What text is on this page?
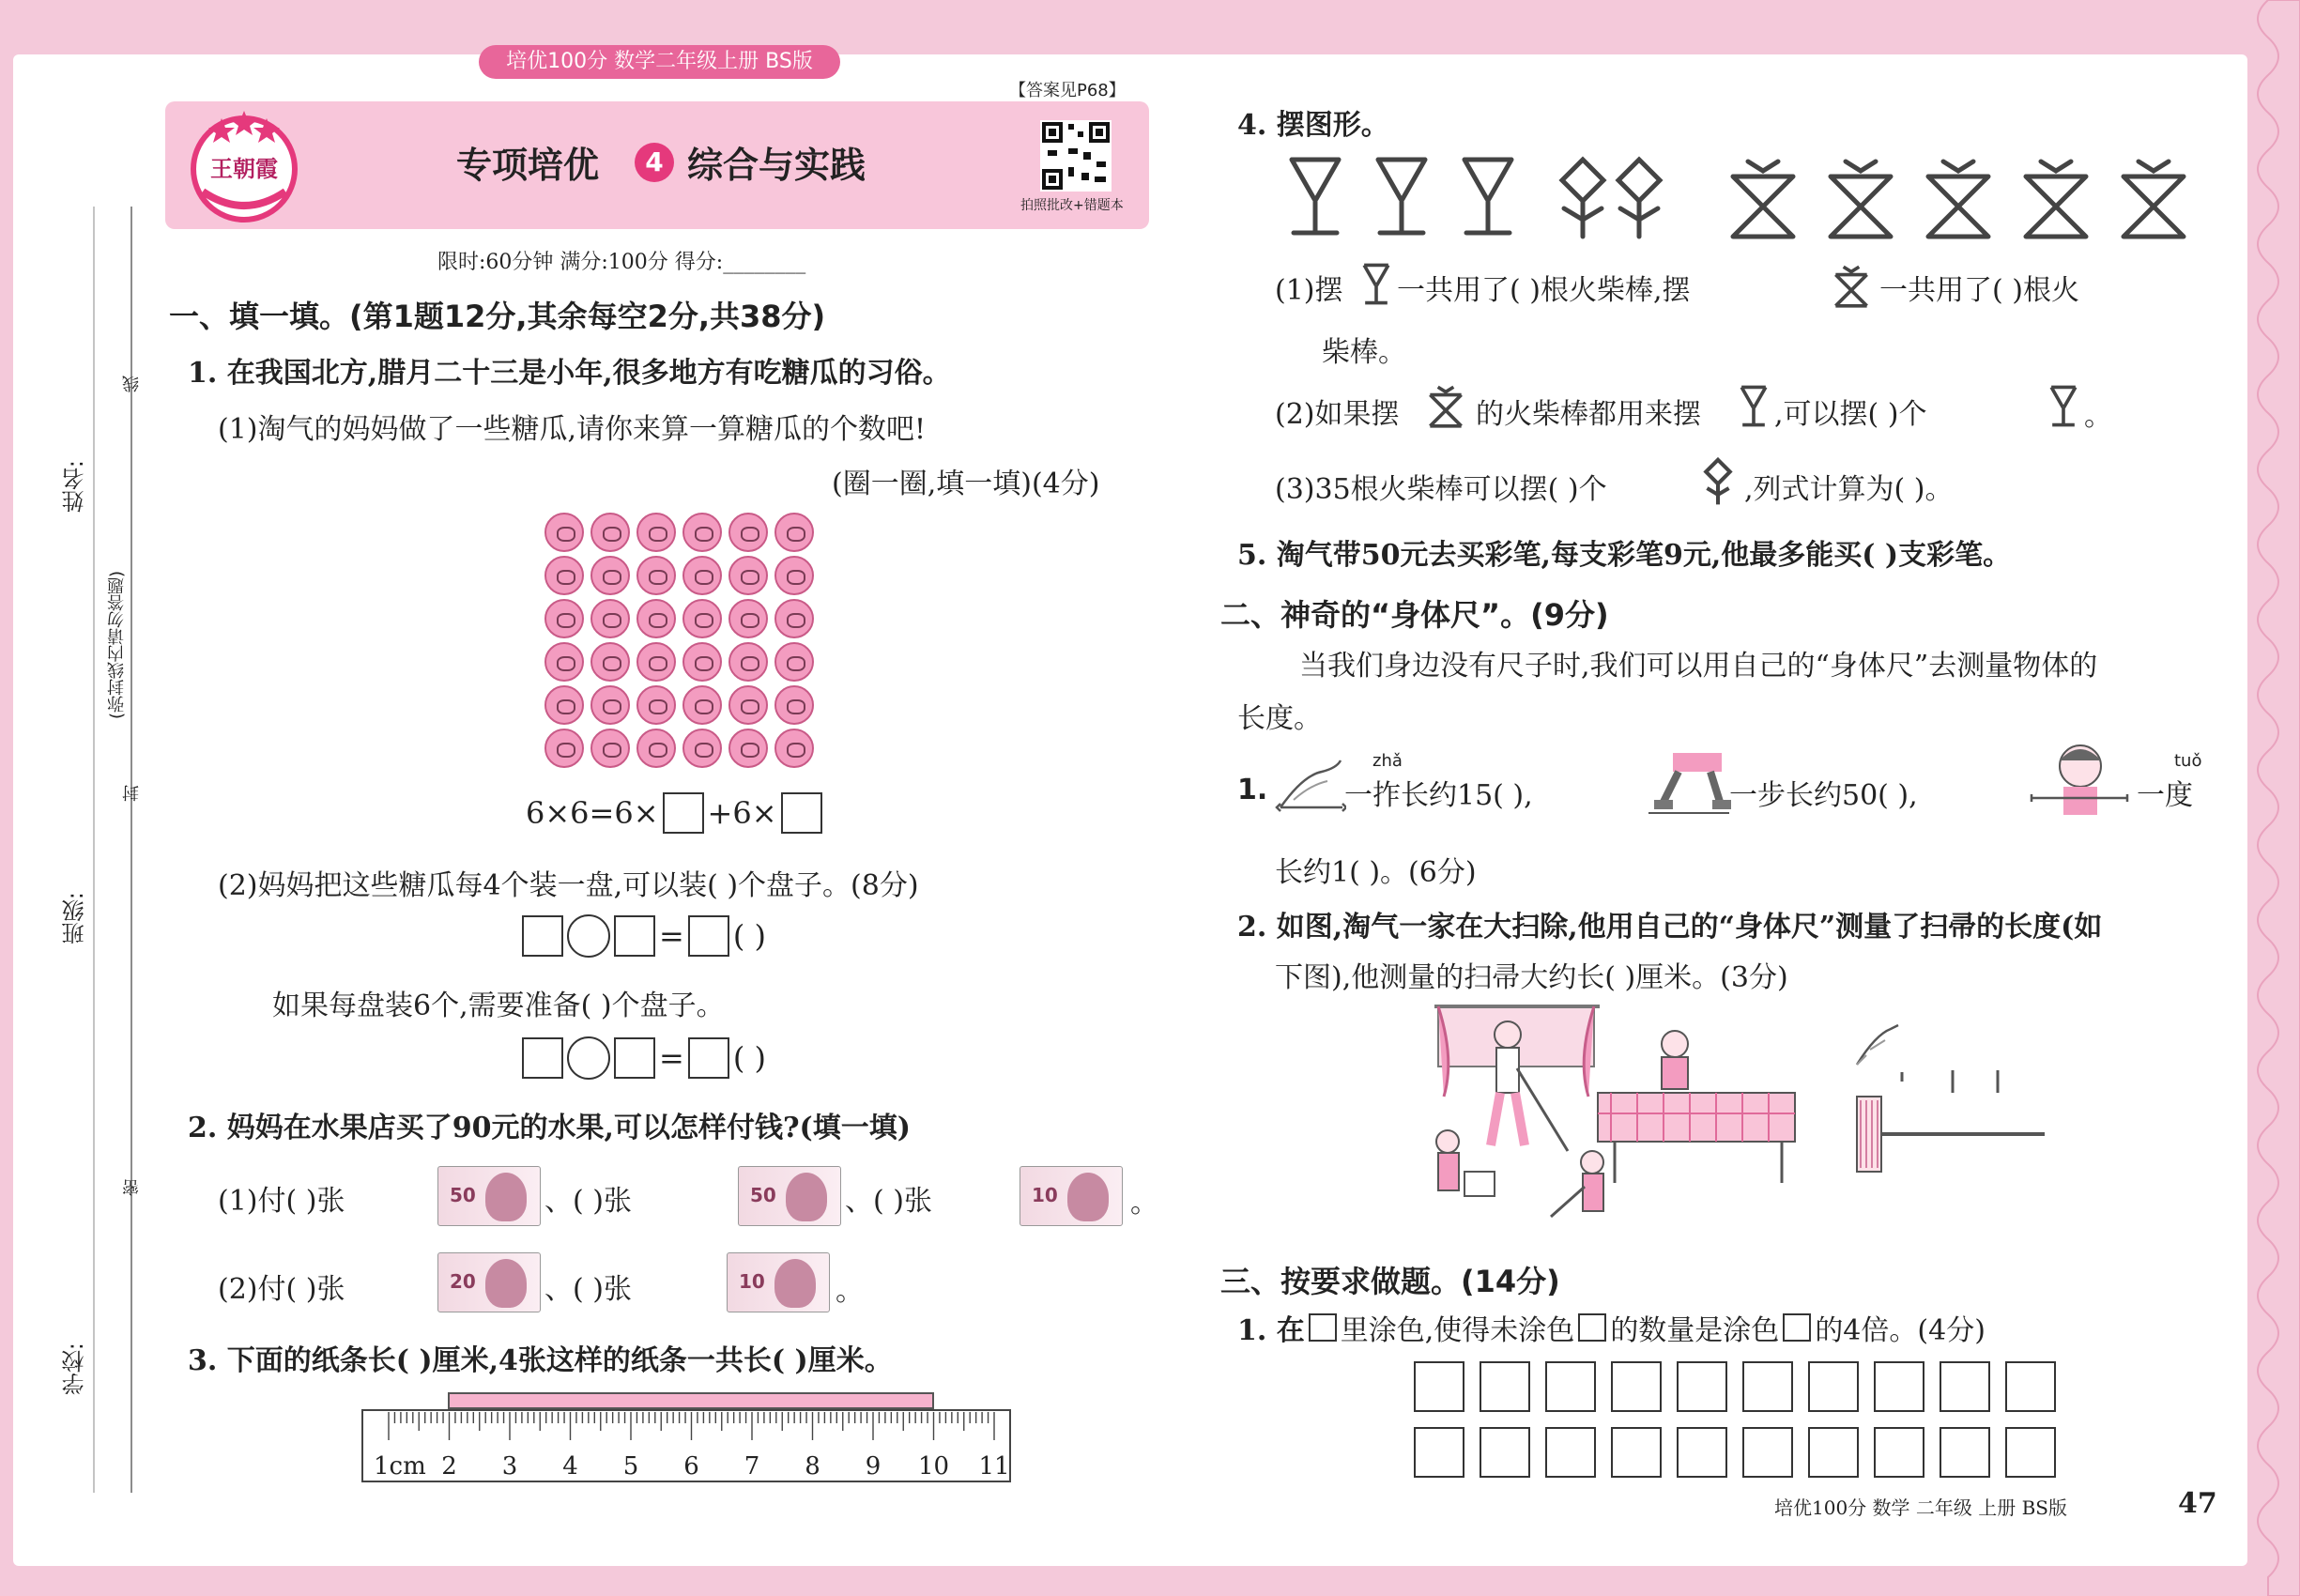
培优100分 数学二年级上册 BS版
【答案见P68】
王朝霞	专项培优	4 综合与实践
拍照批改+错题本
限时:60分钟 满分:100分 得分:________
姓名:
班级:
学校:
线
封
密
(弥封线内请勿答题)
一、填一填。(第1题12分,其余每空2分,共38分)
1. 在我国北方,腊月二十三是小年,很多地方有吃糖瓜的习俗。
(1)淘气的妈妈做了一些糖瓜,请你来算一算糖瓜的个数吧!
(圈一圈,填一填)(4分)
6×6=6× +6×
(2)妈妈把这些糖瓜每4个装一盘,可以装( )个盘子。(8分)
= ( )
如果每盘装6个,需要准备( )个盘子。
= ( )
2. 妈妈在水果店买了90元的水果,可以怎样付钱?(填一填)
(1)付( )张	50 、( )张	50 、( )张	10	。
(2)付( )张	20 、( )张	10	。
3. 下面的纸条长( )厘米,4张这样的纸条一共长( )厘米。
1cm 2 3 4 5 6 7 8 9 10 11
4. 摆图形。
(1)摆 一共用了( )根火柴棒,摆	一共用了( )根火
柴棒。
(2)如果摆	的火柴棒都用来摆	,可以摆( )个	。
(3)35根火柴棒可以摆( )个	,列式计算为( )。
5. 淘气带50元去买彩笔,每支彩笔9元,他最多能买( )支彩笔。
二、神奇的“身体尺”。(9分)
当我们身边没有尺子时,我们可以用自己的“身体尺”去测量物体的
长度。
1.
zhǎ
一拃长约15( ),	一步长约50( ),
tuǒ
一度
长约1( )。(6分)
2. 如图,淘气一家在大扫除,他用自己的“身体尺”测量了扫帚的长度(如
下图),他测量的扫帚大约长( )厘米。(3分)
三、按要求做题。(14分)
1. 在 里涂色,使得未涂色 的数量是涂色 的4倍。(4分)
培优100分 数学 二年级 上册 BS版	47
